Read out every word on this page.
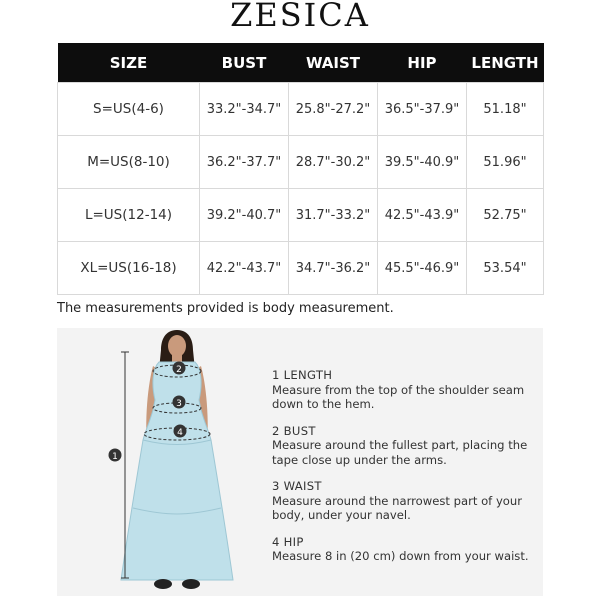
ZESICA
SIZE	BUST	WAIST	HIP	LENGTH
S=US(4-6)	33.2"-34.7"	25.8"-27.2"	36.5"-37.9"	51.18"
M=US(8-10)	36.2"-37.7"	28.7"-30.2"	39.5"-40.9"	51.96"
L=US(12-14)	39.2"-40.7"	31.7"-33.2"	42.5"-43.9"	52.75"
XL=US(16-18)	42.2"-43.7"	34.7"-36.2"	45.5"-46.9"	53.54"
The measurements provided is body measurement.
1
2
3
4
1 LENGTH
Measure from the top of the shoulder seam down to the hem.
2 BUST
Measure around the fullest part, placing the tape close up under the arms.
3 WAIST
Measure around the narrowest part of your body, under your navel.
4 HIP
Measure 8 in (20 cm) down from your waist.
